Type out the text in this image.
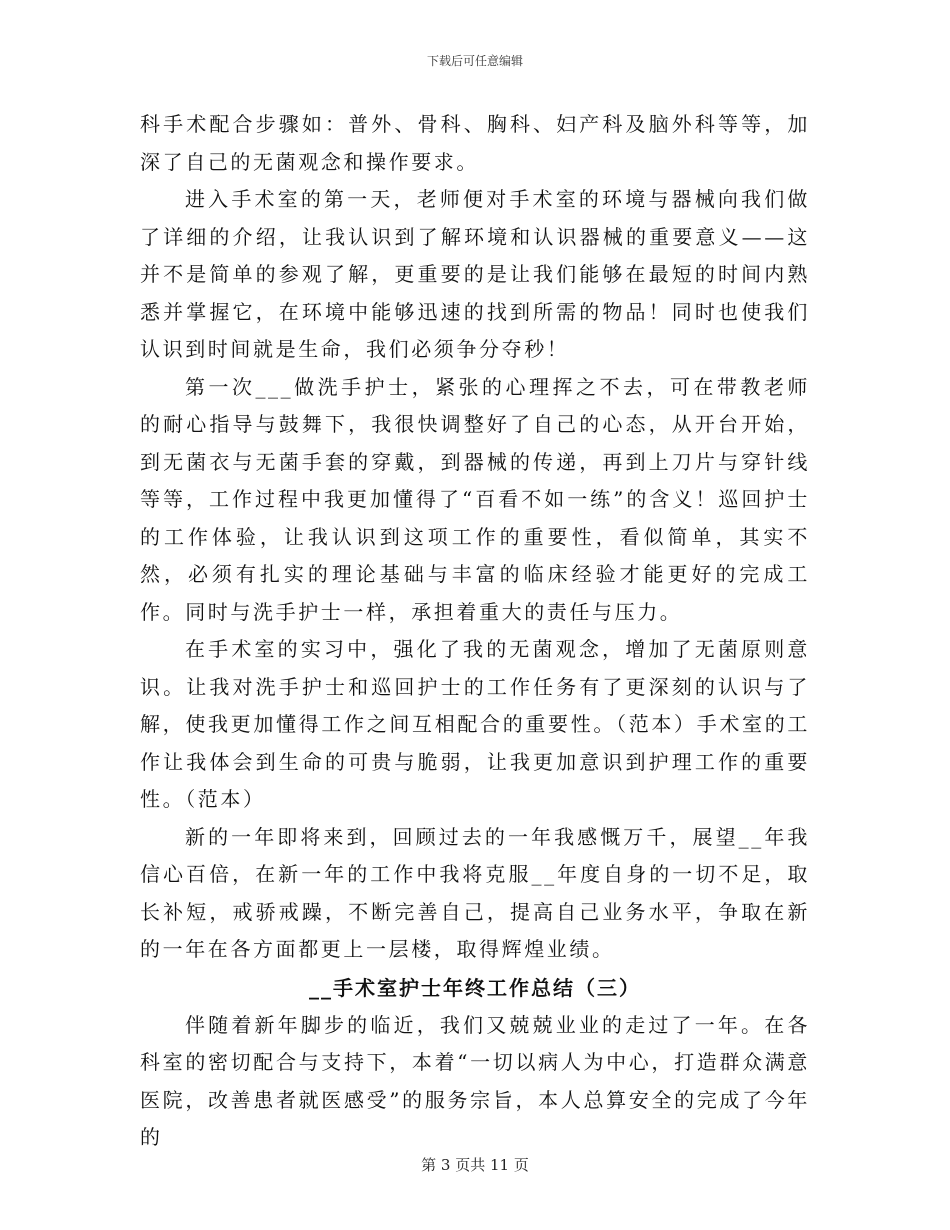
下载后可任意编辑

科手术配合步骤如：普外、骨科、胸科、妇产科及脑外科等等，加深了自己的无菌观念和操作要求。

进入手术室的第一天，老师便对手术室的环境与器械向我们做了详细的介绍，让我认识到了解环境和认识器械的重要意义——这并不是简单的参观了解，更重要的是让我们能够在最短的时间内熟悉并掌握它，在环境中能够迅速的找到所需的物品！同时也使我们认识到时间就是生命，我们必须争分夺秒！

第一次___做洗手护士，紧张的心理挥之不去，可在带教老师的耐心指导与鼓舞下，我很快调整好了自己的心态，从开台开始，到无菌衣与无菌手套的穿戴，到器械的传递，再到上刀片与穿针线等等，工作过程中我更加懂得了“百看不如一练”的含义！巡回护士的工作体验，让我认识到这项工作的重要性，看似简单，其实不然，必须有扎实的理论基础与丰富的临床经验才能更好的完成工作。同时与洗手护士一样，承担着重大的责任与压力。

在手术室的实习中，强化了我的无菌观念，增加了无菌原则意识。让我对洗手护士和巡回护士的工作任务有了更深刻的认识与了解，使我更加懂得工作之间互相配合的重要性。（范本）手术室的工作让我体会到生命的可贵与脆弱，让我更加意识到护理工作的重要性。（范本）

新的一年即将来到，回顾过去的一年我感慨万千，展望__年我信心百倍，在新一年的工作中我将克服__年度自身的一切不足，取长补短，戒骄戒躁，不断完善自己，提高自己业务水平，争取在新的一年在各方面都更上一层楼，取得辉煌业绩。

__手术室护士年终工作总结（三）

伴随着新年脚步的临近，我们又兢兢业业的走过了一年。在各科室的密切配合与支持下，本着“一切以病人为中心，打造群众满意医院，改善患者就医感受”的服务宗旨，本人总算安全的完成了今年的

第 3 页共 11 页
